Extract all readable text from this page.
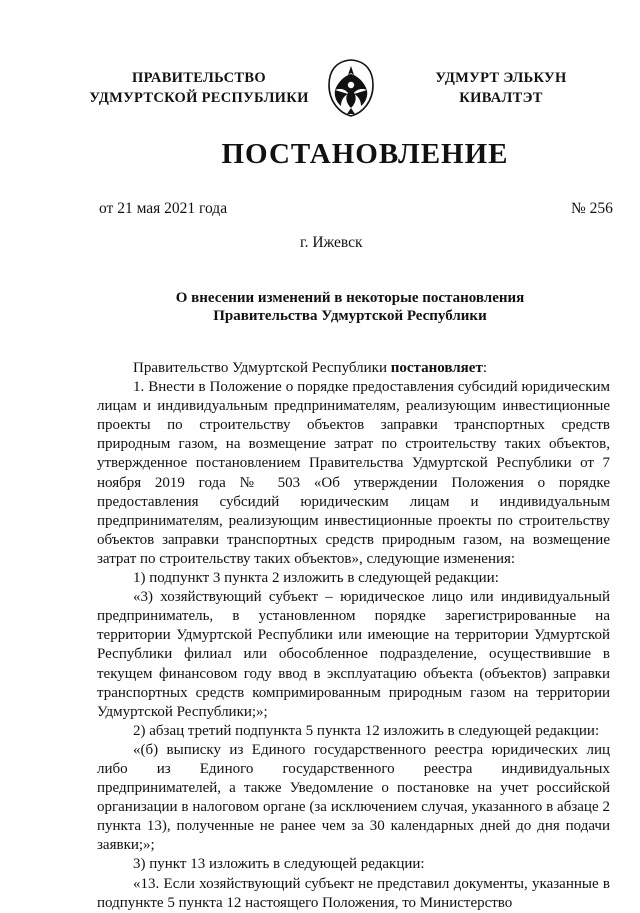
ПРАВИТЕЛЬСТВО
УДМУРТСКОЙ РЕСПУБЛИКИ
УДМУРТ ЭЛЬКУН
КИВАЛТЭТ
ПОСТАНОВЛЕНИЕ
от 21 мая 2021 года	№ 256
г. Ижевск
О внесении изменений в некоторые постановления
Правительства Удмуртской Республики

Правительство Удмуртской Республики постановляет:

1. Внести в Положение о порядке предоставления субсидий юридическим лицам и индивидуальным предпринимателям, реализующим инвестиционные проекты по строительству объектов заправки транспортных средств природным газом, на возмещение затрат по строительству таких объектов, утвержденное постановлением Правительства Удмуртской Республики от 7 ноября 2019 года № 503 «Об утверждении Положения о порядке предоставления субсидий юридическим лицам и индивидуальным предпринимателям, реализующим инвестиционные проекты по строительству объектов заправки транспортных средств природным газом, на возмещение затрат по строительству таких объектов», следующие изменения:

1) подпункт 3 пункта 2 изложить в следующей редакции:

«3) хозяйствующий субъект – юридическое лицо или индивидуальный предприниматель, в установленном порядке зарегистрированные на территории Удмуртской Республики или имеющие на территории Удмуртской Республики филиал или обособленное подразделение, осуществившие в текущем финансовом году ввод в эксплуатацию объекта (объектов) заправки транспортных средств компримированным природным газом на территории Удмуртской Республики;»;

2) абзац третий подпункта 5 пункта 12 изложить в следующей редакции:

«(б) выписку из Единого государственного реестра юридических лиц либо из Единого государственного реестра индивидуальных предпринимателей, а также Уведомление о постановке на учет российской организации в налоговом органе (за исключением случая, указанного в абзаце 2 пункта 13), полученные не ранее чем за 30 календарных дней до дня подачи заявки;»;

3) пункт 13 изложить в следующей редакции:

«13. Если хозяйствующий субъект не представил документы, указанные в подпункте 5 пункта 12 настоящего Положения, то Министерство
